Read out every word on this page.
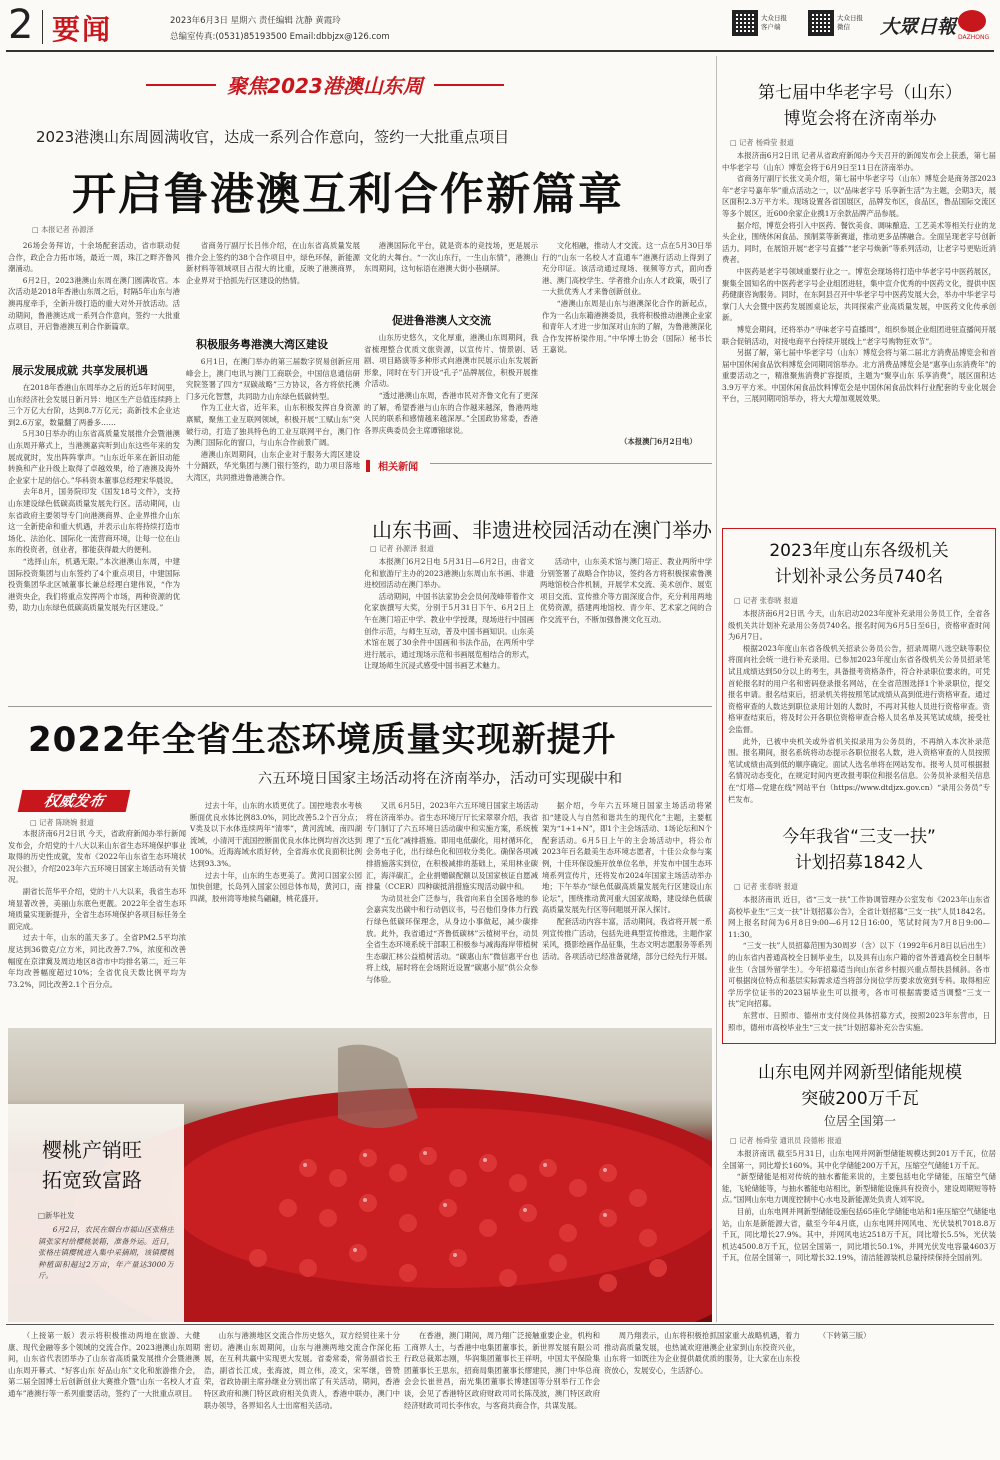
2 要闻	2023年6月3日 星期六 责任编辑 沈静 黄霞玲
总编室传真:(0531)85193500 Email:dbbjzx@126.com
大众日报
客户端
大众日报
微信	大眾日報 DAZHONG
聚焦2023港澳山东周
2023港澳山东周圆满收官，达成一系列合作意向，签约一大批重点项目
开启鲁港澳互利合作新篇章
□ 本报记者 孙源泽

26场会务拜访，十余场配套活动，省市联动促合作，政企合力拓市场，最近一周，珠江之畔齐鲁风潮涌动。

6月2日，2023港澳山东周在澳门圆满收官。本次活动是2018年香港山东周之后，时隔5年山东与港澳再度牵手，全新升级打造的重大对外开放活动。活动期间，鲁港澳达成一系列合作意向，签约一大批重点项目，开启鲁港澳互利合作新篇章。

展示发展成就 共享发展机遇

在2018年香港山东周举办之后的近5年时间里，山东经济社会发展日新月异：地区生产总值连续跨上三个万亿大台阶，达到8.7万亿元；高新技术企业达到2.6万家，数量翻了两番多……

5月30日举办的山东省高质量发展推介会暨港澳山东周开幕式上，当港澳嘉宾听到山东这些年来的发展成就时，发出阵阵掌声。“山东近年来在新旧动能转换和产业升级上取得了卓越效果，给了港澳及海外企业家十足的信心。”华科资本董事总经理宋华晨说。

去年8月，国务院印发《国发18号文件》，支持山东建设绿色低碳高质量发展先行区。活动期间，山东省政府主要领导专门向港澳商界、企业界推介山东这一全新使命和重大机遇，并表示山东将持续打造市场化、法治化、国际化一流营商环境，让每一位在山东的投资者，创业者，都能获得最大的便利。

“选择山东，机遇无限。”本次港澳山东周，中建国际投资集团与山东签约了4个重点项目，中建国际投资集团华北区城董事长兼总经理白建伟说，“作为港资央企，我们将重点发挥两个市场，两种资源的优势，助力山东绿色低碳高质量发展先行区建设。”

省商务厅副厅长吕伟介绍，在山东省高质量发展推介会上签约的38个合作项目中，绿色环保，新能源新材料等领域项目占很大的比重，反映了港澳商界，企业界对于拾抓先行区建设的热情。

积极服务粤港澳大湾区建设

6月1日，在澳门举办的第三届数字贸易创新应用峰会上，澳门电讯与澳门工商联会，中国信息通信研究院签署了四方“双碳战略”三方协议，各方将依托澳门多元化智慧，共同助力山东绿色低碳转型。

作为工业大省，近年来，山东积极发挥自身资源禀赋，聚焦工业互联网领域，积极开展“工赋山东”突破行动，打造了独具特色的工业互联网平台，澳门作为澳门国际化的窗口，与山东合作前景广阔。

港澳山东周期间，山东企业对于服务大湾区建设十分踊跃，华光集团与澳门银行签约，助力项目落地大湾区，共同推进鲁港澳合作。

港澳国际化平台，就是资本的竞技场，更是展示文化的大舞台。“一次山东行，一生山东情”，港澳山东周期间，这句标语在港澳大街小巷刷屏。

促进鲁港澳人文交流

山东历史悠久，文化厚重，港澳山东周期间，我省梳理整合优质文旅资源，以宣传片、情景剧、话剧、项目路演等多种形式向港澳市民展示山东发展新形象，同时在专门开设“孔子”品牌展位，积极开展推介活动。

“透过港澳山东周，香港市民对齐鲁文化有了更深的了解，希望香港与山东的合作越来越深，鲁港两地人民的联系和感情越来越深厚。”全国政协常委，香港各界庆典委员会主席谭锦球说。

文化相融，推动人才交流。这一点在5月30日举行的“山东一名校人才直通车”港澳行活动上得到了充分印证。该活动通过现场、视频等方式，面向香港、澳门高校学生、学者推介山东人才政策，吸引了一大批优秀人才来鲁创新创业。

“港澳山东周是山东与港澳深化合作的新起点，作为一名山东籍港澳委员，我将积极推动港澳企业家和青年人才进一步加深对山东的了解，为鲁港澳深化合作发挥桥梁作用。”中华博士协会（国际）秘书长王嘉说。

（本报澳门6月2日电）
相关新闻
山东书画、非遗进校园活动在澳门举办
□ 记者 孙源泽 报道

本报澳门6月2日电 5月31日—6月2日，由省文化和旅游厅主办的2023港澳山东周山东书画、非遗进校园活动在澳门举办。

活动期间，中国书法家协会会员何茂峰带着作文化家族撰写大奖，分别于5月31日下午、6月2日上午在澳门培正中学、教业中学授课，现场进行中国画创作示范，与师生互动，普及中国书画知识。山东美术馆在展了30余件中国画和书法作品，在两所中学进行展示，通过现场示范和书画展览相结合的形式，让现场师生沉浸式感受中国书画艺术魅力。

活动中，山东美术馆与澳门培正、教业两所中学分别签署了战略合作协议，签约各方将积极探索鲁澳两地馆校合作机制，开展学术交流、美术创作、展览项目交流、宣传推介等方面深度合作，充分利用两地优势资源，搭建两地馆校、青少年、艺术家之间的合作交流平台，不断加强鲁澳文化互动。

2022年全省生态环境质量实现新提升
六五环境日国家主场活动将在济南举办，活动可实现碳中和
权威发布
□ 记者 陈晓婉 报道

本报济南6月2日讯 今天，省政府新闻办举行新闻发布会，介绍党的十八大以来山东省生态环境保护事业取得的历史性成就，发布《2022年山东省生态环境状况公报》，介绍2023年六五环境日国家主场活动有关情况。

副省长范华平介绍，党的十八大以来，我省生态环境显著改善，美丽山东底色更靓。2022年全省生态环境质量实现新提升，全省生态环境保护各项目标任务全面完成。

过去十年，山东的蓝天多了。全省PM2.5平均浓度达到36微克/立方米，同比改善7.7%，浓度和改善幅度在京津冀及周边地区8省市中均排名第二，近三年年均改善幅度超过10%；全省优良天数比例平均为73.2%，同比改善2.1个百分点。

过去十年，山东的水质更优了。国控地表水考核断面优良水体比例83.0%，同比改善5.2个百分点；V类及以下水体连续两年“清零”，黄河流域、南四湖流域，小清河干流国控断面优良水体比例均首次达到100%。近海海域水质好转，全省海水优良面积比例达到93.3%。

过去十年，山东的生态更美了。黄河口国家公园加快创建，长岛列入国家公园总体布局，黄河口，南四湖，胶州湾等地候鸟翩翩，桃花盛开。

又讯 6月5日，2023年六五环境日国家主场活动将在济南举办。省生态环境厅厅长宋翠翠介绍，我省专门制订了六五环境日活动碳中和实施方案，系统梳理了“五化”减排措施。即用电低碳化，用材循环化，会务电子化，出行绿色化和回收分类化。确保各项减排措施落实到位，在积极减排的基础上，采用林业碳汇，海洋碳汇，企业捐赠碳配额以及国家核证自愿减排量（CCER）四种碳抵消措施实现活动碳中和。

为动员社会广泛参与，我省向来自全国各地的参会嘉宾发出碳中和行动倡议书，号召他们身体力行践行绿色低碳环保理念，从身边小事做起，减少碳排放。此外，我省通过“齐鲁低碳林”云植树平台，动员全省生态环境系统干部职工积极参与减海海岸带植树生态碳汇林公益植树活动。“碳惠山东”微信惠平台也将上线，届时将在会场附近设置“碳惠小屋”供公众参与体验。

据介绍，今年六五环境日国家主场活动将紧扣“建设人与自然和谐共生的现代化”主题，主要框架为“1+1+N”，即1个主会场活动、1场论坛和N个配套活动。6月5日上午的主会场活动中，将公布2023年百名最美生态环境志愿者，十佳公众参与案例，十佳环保设施开放单位名单，并发布中国生态环境系列宣传片，还将发布2024年国家主场活动举办地；下午举办“绿色低碳高质量发展先行区建设山东论坛”，围绕推动黄河重大国家战略，建设绿色低碳高质量发展先行区等问题展开深入探讨。

配套活动内容丰富，活动期间，我省将开展一系列宣传推广活动，包括先进典型宣传推选，主题作家采风，摄影绘画作品征集，生态文明志愿服务等系列活动。各项活动已经准备就绪，部分已经先行开展。

樱桃产销旺
拓宽致富路
□新华社发
6月2日，农民在烟台市福山区张格庄镇张家村给樱桃装箱，准备外运。近日，张格庄镇樱桃进入集中采摘期，该镇樱桃种植面积超过2万亩，年产量达3000万斤。
第七届中华老字号（山东）
博览会将在济南举办
□ 记者 杨舜莹 报道

本报济南6月2日讯 记者从省政府新闻办今天召开的新闻发布会上获悉，第七届中华老字号（山东）博览会将于6月9日至11日在济南举办。

省商务厅副厅长张文美介绍，第七届中华老字号（山东）博览会是商务部2023年“老字号嘉年华”重点活动之一，以“品味老字号 乐享新生活”为主题，会期3天，展区面积2.3万平方米。现场设置各省国展区，品牌发布区，食品区，鲁品国际交流区等多个展区，近600余家企业携1万余款品牌产品参展。

据介绍，博览会将引入中医药、餐饮美食、调味酿造、工艺美术等相关行业的龙头企业，围绕休闲食品、预制菜等新赛道，推动更多品牌融合。全面呈现老字号创新活力。同时，在展馆开展“老字号直播”“老字号焕新”等系列活动，让老字号更贴近消费者。

中医药是老字号领域重要行业之一。博览会现场将打造中华老字号中医药展区，聚集全国知名的中医药老字号企业组团进驻，集中宣介优秀的中医药文化，提供中医药健康咨询服务。同时，在东阿县召开中华老字号中医药发展大会，举办中华老字号掌门人大会暨中医药发展圆桌论坛，共同探索产业高质量发展，中医药文化传承创新。

博览会期间，还将举办“寻味老字号直播周”，组织参展企业组团进驻直播间开展联合促销活动，对接电商平台持续开展线上“老字号购物狂欢节”。

另据了解，第七届中华老字号（山东）博览会将与第二届北方消费品博览会和首届中国休闲食品饮料博览会同期同馆举办。北方消费品博览会是“惠享山东消费年”的重要活动之一，精准聚焦消费扩容提质，主题为“聚享山东 乐享消费”，展区面积达3.9万平方米。中国休闲食品饮料博览会是中国休闲食品饮料行业配套的专业化展会平台，三展同期同馆举办，将大大增加观展效果。

2023年度山东各级机关
计划补录公务员740名
□ 记者 张春晓 报道

本报济南6月2日讯 今天，山东启动2023年度补充录用公务员工作，全省各级机关共计划补充录用公务员740名。报名时间为6月5日至6日，资格审查时间为6月7日。

根据2023年度山东省各级机关招录公务员公告，招录周期八选空缺等职位将面向社会统一进行补充录用。已参加2023年度山东省各级机关公务员招录笔试且成绩达到50分以上的考生，具备报考资格条件，符合补录职位要求的，可凭首轮报名时的用户名和密码登录报名网站，在全省范围选择1个补录职位，提交报名申请。报名结束后，招录机关将按照笔试成绩从高到低进行资格审查。通过资格审查的人数达到职位录用计划的人数时，不再对其他人员进行资格审查。资格审查结束后，将及时公开各职位资格审查合格人员名单及其笔试成绩，接受社会监督。

此外，已被中央机关或外省机关拟录用为公务员的，不再纳入本次补录范围。报名期间，报名系统将动态提示各职位报名人数，进入资格审查的人员按照笔试成绩由高到低的顺序确定。面试人选名单将在网站发布。报考人员可根据报名情况动态变化，在规定时间内更改报考职位和报名信息。公务员补录相关信息在“灯塔—党建在线”网站平台（https://www.dtdjzx.gov.cn）“录用公务员”专栏发布。

今年我省“三支一扶”
计划招募1842人
□ 记者 张春晓 报道

本报济南讯 近日，省“三支一扶”工作协调管理办公室发布《2023年山东省高校毕业生“三支一扶”计划招募公告》，全省计划招募“三支一扶”人员1842名。网上报名时间为6月8日9:00—6月12日16:00，笔试时间为7月8日9:00—11:30。

“三支一扶”人员招募范围为30周岁（含）以下（1992年6月8日以后出生）的山东省内普通高校全日制毕业生，以及具有山东户籍的省外普通高校全日制毕业生（含国外留学生）。今年招募适当向山东省乡村振兴重点帮扶县倾斜。各市可根据岗位特点和基层实际需求适当将部分岗位学历要求放宽到专科。取得相应学历学位证书的2023届毕业生可以报考，各市可根据需要适当调整“三支一扶”定向招募。

东营市、日照市、德州市支付岗位具体招募方式，按照2023年东营市，日照市，德州市高校毕业生“三支一扶”计划招募补充公告实施。

山东电网并网新型储能规模
突破200万千瓦
位居全国第一
□ 记者 杨舜莹 通讯员 段德彬 报道

本报济南讯 截至5月31日，山东电网并网新型储能规模达到201万千瓦，位居全国第一，同比增长160%。其中化学储能200万千瓦，压缩空气储能1万千瓦。

“新型储能是相对传统的抽水蓄能来说的，主要包括电化学储能，压缩空气储能，飞轮储能等，与抽水蓄能电站相比，新型储能设施具有投资小，建设周期短等特点。”国网山东电力调度控制中心水电及新能源处负责人刘军说。

目前，山东电网并网新型储能设施包括65座化学储能电站和1座压缩空气储能电站，山东是新能源大省，截至今年4月底，山东电网并网风电、光伏装机7018.8万千瓦，同比增长27.9%。其中，并网风电达2518万千瓦，同比增长5.5%，光伏装机达4500.8万千瓦，位居全国第一，同比增长50.1%，并网光伏发电容量4603万千瓦，位居全国第一，同比增长32.19%，清洁能源装机总量持续保持全国前列。

（上接第一版）表示将积极推动两地在旅游、大健康、现代金融等多个领域的交流合作。2023港澳山东周期间，山东省代表团举办了山东省高质量发展推介会暨港澳山东周开幕式、“好客山东 好品山东”文化和旅游推介会，第二届全国博士后创新创业大赛推介暨“山东一名校人才直通车”港澳行等一系列重要活动，签约了一大批重点项目。

山东与港澳地区交流合作历史悠久，双方经贸往来十分密切。港澳山东周期间，山东与港澳两地交流合作深化拓展，在互利共赢中实现更大发展。省委常委，常务副省长王浩，副省长江成，张海波，周立伟，凌文，宋军继，曾赞荣，省政协副主席孙继业分别出席了有关活动，期间，香港特区政府和澳门特区政府相关负责人，香港中联办，澳门中联办领导，各界知名人士出席相关活动。

在香港，澳门期间，周乃翔广泛接触重要企业，机构和工商界人士，与香港中电集团董事长，新世界发展有限公司行政总裁郑志刚，华润集团董事长王祥明，中国太平保险集团董事长王思东，招商局集团董事长缪建民，澳门中华总商会会长崔世昌，南光集团董事长博建国等分别举行工作会谈，会见了香港特区政府财政司司长陈茂波，澳门特区政府经济财政司司长李伟农，与客商共商合作，共谋发展。

周乃翔表示，山东将积极抢抓国家重大战略机遇，着力推动高质量发展，也热诚欢迎港澳企业家到山东投资兴业，山东将一如既往为企业提供最优质的服务，让大家在山东投资放心，发展安心，生活舒心。

（下转第三版）
